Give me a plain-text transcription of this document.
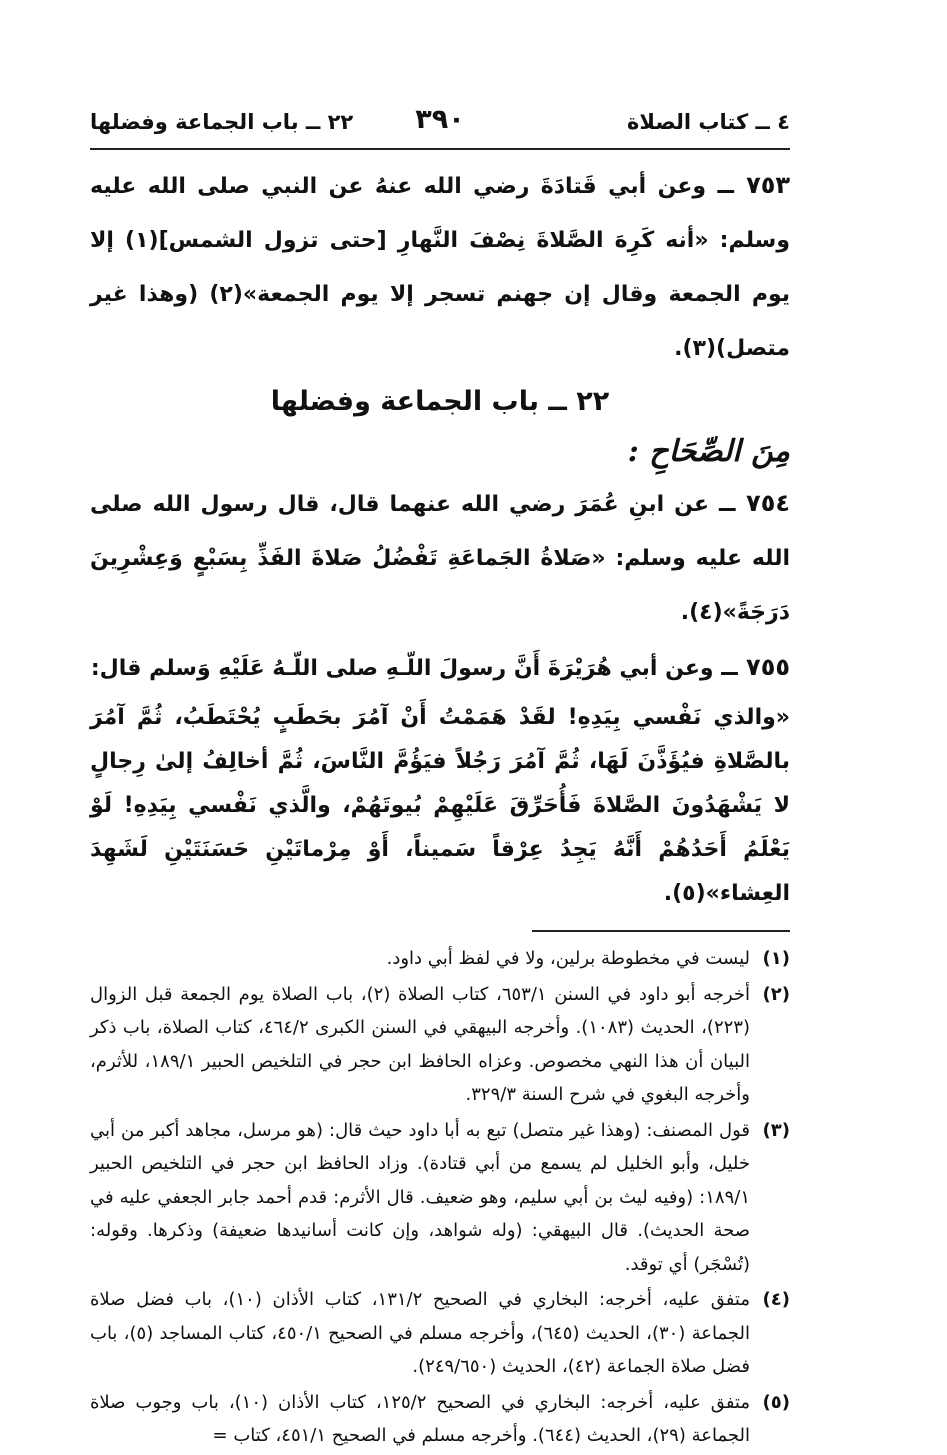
٤ ــ كتاب الصلاة
٣٩٠
٢٢ ــ باب الجماعة وفضلها

٧٥٣ ــ وعن أبي قَتادَةَ رضي الله عنهُ عن النبي صلى الله عليه وسلم: «أنه كَرِهَ الصَّلاةَ نِصْفَ النَّهارِ [حتى تزول الشمس](١) إلا يوم الجمعة وقال إن جهنم تسجر إلا يوم الجمعة»(٢) (وهذا غير متصل)(٣).

٢٢ ــ باب الجماعة وفضلها

مِنَ الصِّحَاحِ :

٧٥٤ ــ عن ابنِ عُمَرَ رضي الله عنهما قال، قال رسول الله صلى الله عليه وسلم: «صَلاةُ الجَماعَةِ تَفْضُلُ صَلاةَ الفَذِّ بِسَبْعٍ وَعِشْرِينَ دَرَجَةً»(٤).

٧٥٥ ــ وعن أبي هُرَيْرَةَ أَنَّ رسولَ اللّـهِ صلى اللّـهُ عَلَيْهِ وَسلم قال:

«والذي نَفْسي بِيَدِهِ! لقَدْ هَمَمْتُ أَنْ آمُرَ بحَطَبٍ يُحْتَطَبُ، ثُمَّ آمُرَ بالصَّلاةِ فيُؤَذَّنَ لَهَا، ثُمَّ آمُرَ رَجُلاً فيَؤُمَّ النَّاسَ، ثُمَّ أخالِفُ إلىٰ رِجالٍ لا يَشْهَدُونَ الصَّلاةَ فَأُحَرِّقَ عَلَيْهِمْ بُيوتَهُمْ، والَّذي نَفْسي بِيَدِهِ! لَوْ يَعْلَمُ أَحَدُهُمْ أَنَّهُ يَجِدُ عِرْقاً سَميناً، أَوْ مِرْماتَيْنِ حَسَنَتَيْنِ لَشَهِدَ العِشاء»(٥).

(١)
ليست في مخطوطة برلين، ولا في لفظ أبي داود.

(٢)
أخرجه أبو داود في السنن ٦٥٣/١، كتاب الصلاة (٢)، باب الصلاة يوم الجمعة قبل الزوال (٢٢٣)، الحديث (١٠٨٣). وأخرجه البيهقي في السنن الكبرى ٤٦٤/٢، كتاب الصلاة، باب ذكر البيان أن هذا النهي مخصوص. وعزاه الحافظ ابن حجر في التلخيص الحبير ١٨٩/١، للأثرم، وأخرجه البغوي في شرح السنة ٣٢٩/٣.

(٣)
قول المصنف: (وهذا غير متصل) تبع به أبا داود حيث قال: (هو مرسل، مجاهد أكبر من أبي خليل، وأبو الخليل لم يسمع من أبي قتادة). وزاد الحافظ ابن حجر في التلخيص الحبير ١٨٩/١: (وفيه ليث بن أبي سليم، وهو ضعيف. قال الأثرم: قدم أحمد جابر الجعفي عليه في صحة الحديث). قال البيهقي: (وله شواهد، وإن كانت أسانيدها ضعيفة) وذكرها. وقوله: (تُسْجَر) أي توقد.

(٤)
متفق عليه، أخرجه: البخاري في الصحيح ١٣١/٢، كتاب الأذان (١٠)، باب فضل صلاة الجماعة (٣٠)، الحديث (٦٤٥)، وأخرجه مسلم في الصحيح ٤٥٠/١، كتاب المساجد (٥)، باب فضل صلاة الجماعة (٤٢)، الحديث (٢٤٩/٦٥٠).

(٥)
متفق عليه، أخرجه: البخاري في الصحيح ١٢٥/٢، كتاب الأذان (١٠)، باب وجوب صلاة الجماعة (٢٩)، الحديث (٦٤٤). وأخرجه مسلم في الصحيح ٤٥١/١، كتاب =
